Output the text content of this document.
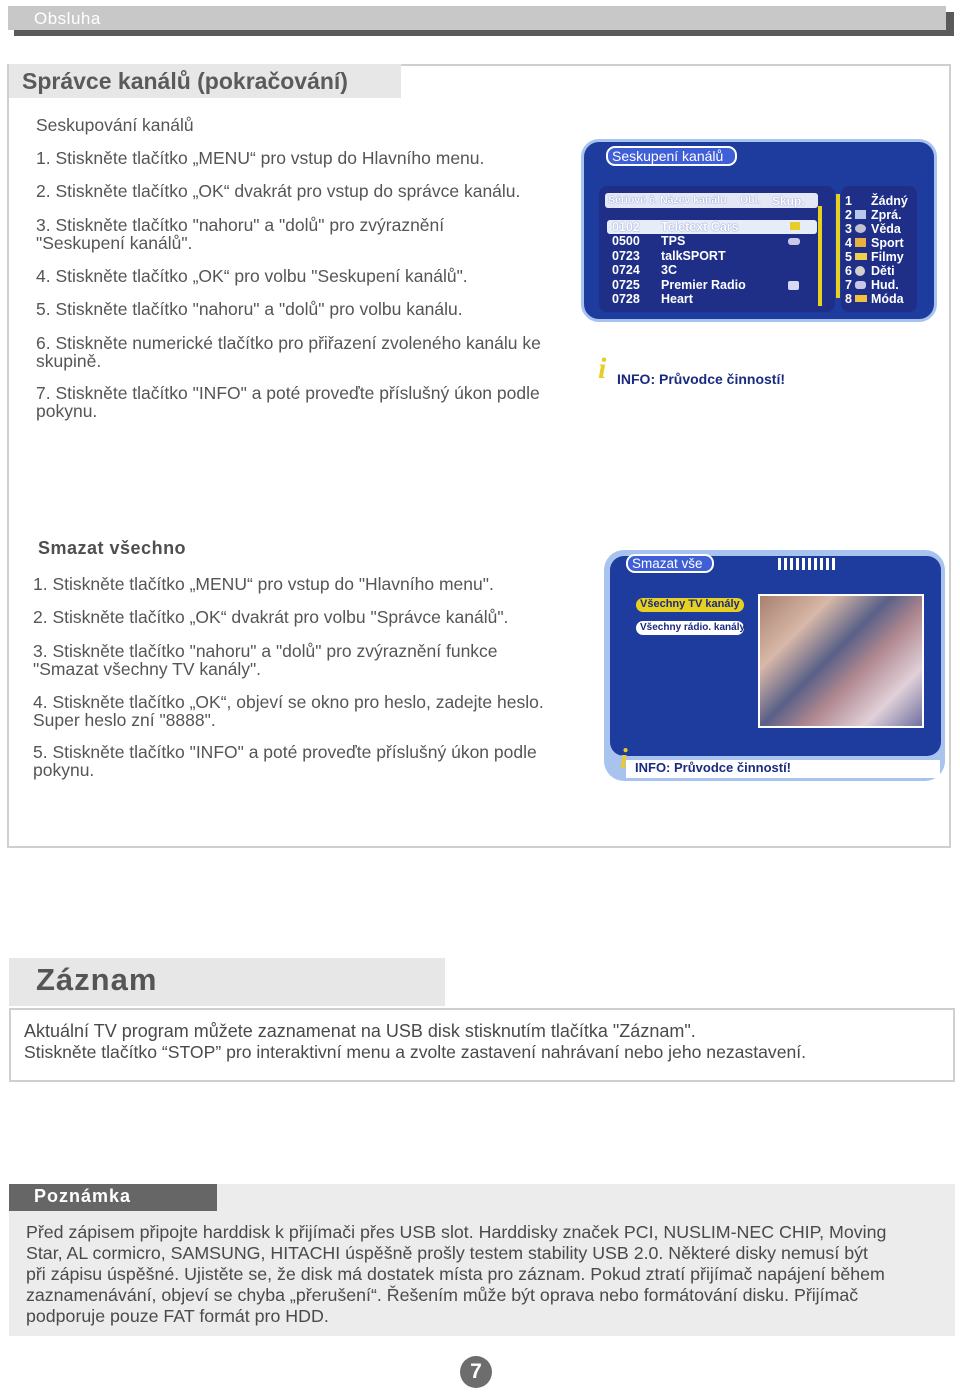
Obsluha
Správce kanálů (pokračování)
Seskupování kanálů
1. Stiskněte tlačítko „MENU“ pro vstup do Hlavního menu.
2. Stiskněte tlačítko „OK“ dvakrát pro vstup do správce kanálu.
3. Stiskněte tlačítko "nahoru" a "dolů" pro zvýraznění "Seskupení kanálů".
4. Stiskněte tlačítko „OK“ pro volbu "Seskupení kanálů".
5. Stiskněte tlačítko "nahoru" a "dolů" pro volbu kanálu.
6. Stiskněte numerické tlačítko pro přiřazení zvoleného kanálu ke skupině.
7. Stiskněte tlačítko "INFO" a poté proveďte příslušný úkon podle pokynu.
Seskupení kanálů
Sériové č. Název kanálu Obl. Skup.
0102 Teletext Cars
0500 TPS
0723 talkSPORT
0724 3C
0725 Premier Radio
0728 Heart
1 Žádný
2 Zprá.
3 Věda
4 Sport
5 Filmy
6 Děti
7 Hud.
8 Móda
i INFO: Průvodce činností!
Smazat všechno
1. Stiskněte tlačítko „MENU“ pro vstup do "Hlavního menu".
2. Stiskněte tlačítko „OK“ dvakrát pro volbu "Správce kanálů".
3. Stiskněte tlačítko "nahoru" a "dolů" pro zvýraznění funkce "Smazat všechny TV kanály".
4. Stiskněte tlačítko „OK“, objeví se okno pro heslo, zadejte heslo. Super heslo zní "8888".
5. Stiskněte tlačítko "INFO" a poté proveďte příslušný úkon podle pokynu.
Smazat vše
Všechny TV kanály
Všechny rádio. kanály
i INFO: Průvodce činností!
Záznam
Aktuální TV program můžete zaznamenat na USB disk stisknutím tlačítka "Záznam".
Stiskněte tlačítko “STOP” pro interaktivní menu a zvolte zastavení nahrávaní nebo jeho nezastavení.
Poznámka
Před zápisem připojte harddisk k přijímači přes USB slot. Harddisky značek PCI, NUSLIM-NEC CHIP, Moving
Star, AL cormicro, SAMSUNG, HITACHI úspěšně prošly testem stability USB 2.0. Některé disky nemusí být
při zápisu úspěšné. Ujistěte se, že disk má dostatek místa pro záznam. Pokud ztratí přijímač napájení během
zaznamenávání, objeví se chyba „přerušení“. Řešením může být oprava nebo formátování disku. Přijímač
podporuje pouze FAT formát pro HDD.
7
